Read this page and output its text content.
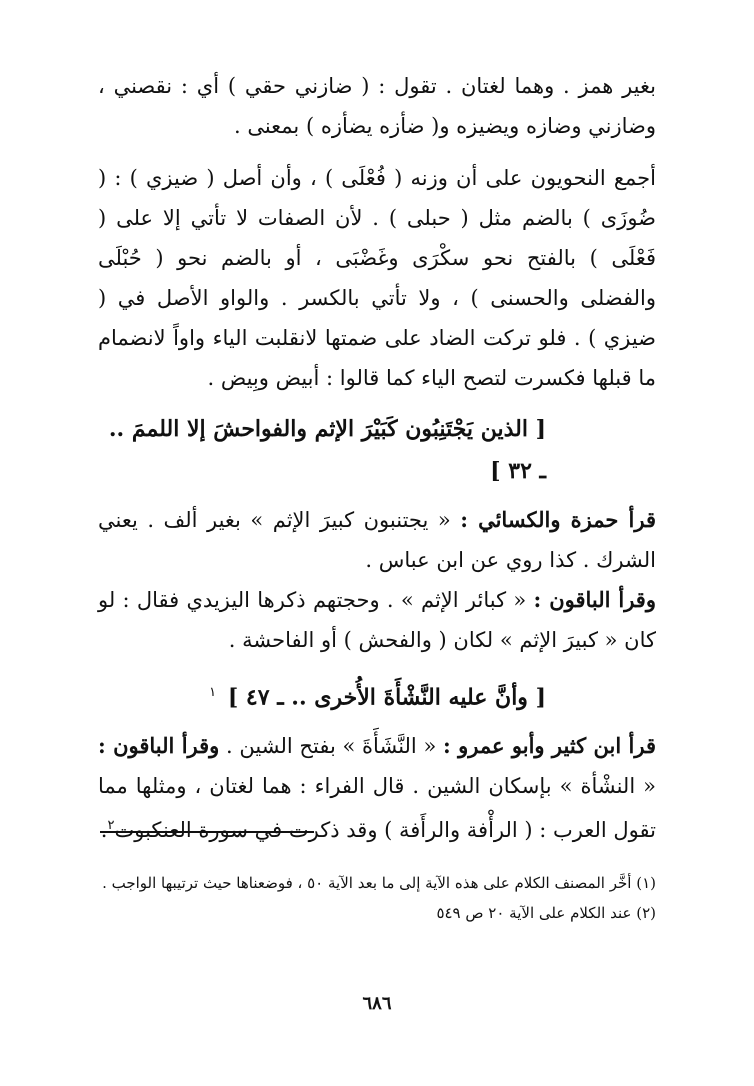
بغير همز . وهما لغتان . تقول : ( ضازني حقي ) أي : نقصني ، وضازني وضازه ويضيزه و( ضأزه يضأزه ) بمعنى .

أجمع النحويون على أن وزنه ( فُعْلَى ) ، وأن أصل ( ضيزي ) : ( ضُوزَى ) بالضم مثل ( حبلى ) . لأن الصفات لا تأتي إلا على ( فَعْلَى ) بالفتح نحو سكْرَى وغَضْبَى ، أو بالضم نحو ( حُبْلَى والفضلى والحسنى ) ، ولا تأتي بالكسر . والواو الأصل في ( ضيزي ) . فلو تركت الضاد على ضمتها لانقلبت الياء واواً لانضمام ما قبلها فكسرت لتصح الياء كما قالوا : أبيض وبِيض .

[ الذين يَجْتَنِبُون كَبَيْرَ الإثم والفواحشَ إلا اللممَ .. ـ ٣٢ ]

قرأ حمزة والكسائي : « يجتنبون كبيرَ الإثم » بغير ألف . يعني الشرك . كذا روي عن ابن عباس .

وقرأ الباقون : « كبائر الإثم » . وحجتهم ذكرها اليزيدي فقال : لو كان « كبيرَ الإثم » لكان ( والفحش ) أو الفاحشة .

[ وأنَّ عليه النَّشْأَةَ الأُخرى .. ـ ٤٧ ] $^١$

قرأ ابن كثير وأبو عمرو : « النَّشَأَةَ » بفتح الشين . وقرأ الباقون : « النشْأة » بإسكان الشين . قال الفراء : هما لغتان ، ومثلها مما تقول العرب : ( الرأْفة والرأَفة ) وقد ذكرت في سورة العنكبوت$^٢$.

(١) أخَّر المصنف الكلام على هذه الآية إلى ما بعد الآية ٥٠ ، فوضعناها حيث ترتيبها الواجب .

(٢) عند الكلام على الآية ٢٠ ص ٥٤٩

٦٨٦
